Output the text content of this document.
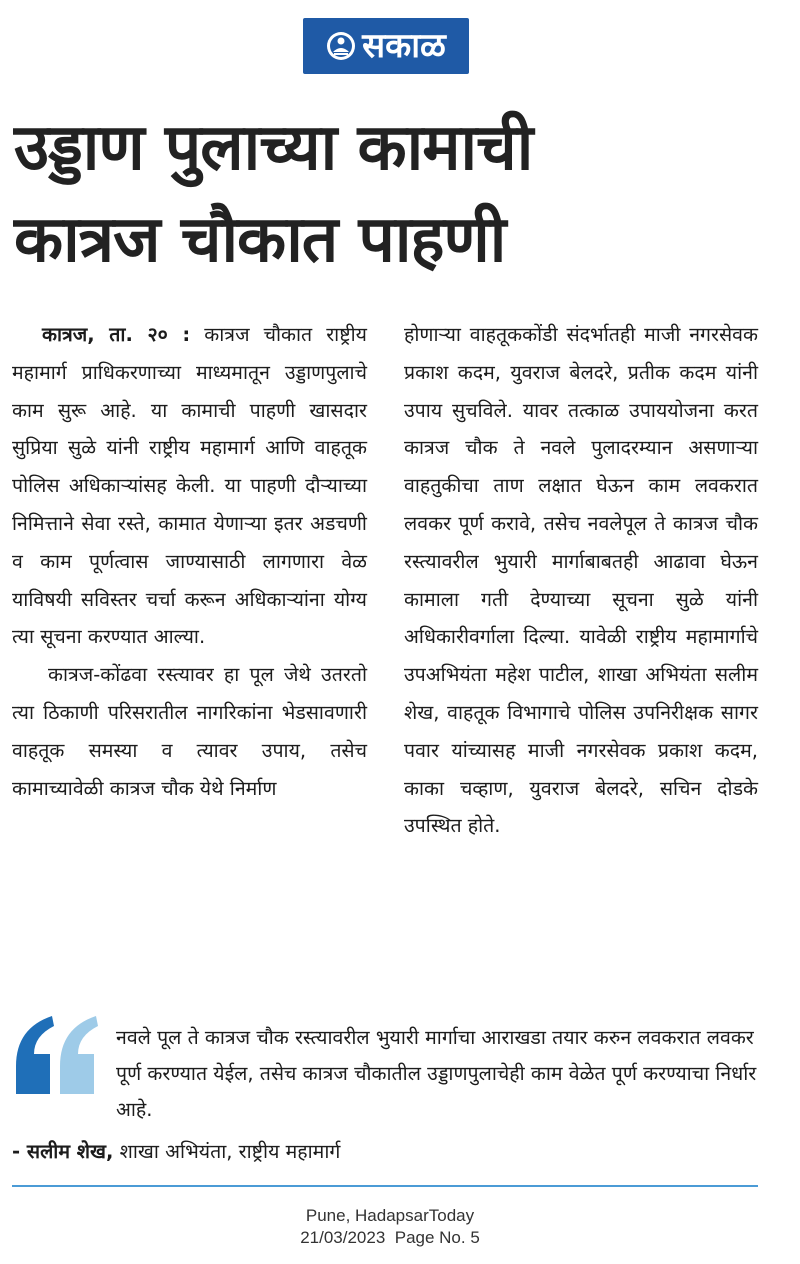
सकाळ
उड्डाण पुलाच्या कामाची
कात्रज चौकात पाहणी

कात्रज, ता. २० : कात्रज चौकात राष्ट्रीय महामार्ग प्राधिकरणाच्या माध्यमातून उड्डाणपुलाचे काम सुरू आहे. या कामाची पाहणी खासदार सुप्रिया सुळे यांनी राष्ट्रीय महामार्ग आणि वाहतूक पोलिस अधिकाऱ्यांसह केली. या पाहणी दौऱ्याच्या निमित्ताने सेवा रस्ते, कामात येणाऱ्या इतर अडचणी व काम पूर्णत्वास जाण्यासाठी लागणारा वेळ याविषयी सविस्तर चर्चा करून अधिकाऱ्यांना योग्य त्या सूचना करण्यात आल्या.

कात्रज-कोंढवा रस्त्यावर हा पूल जेथे उतरतो त्या ठिकाणी परिसरातील नागरिकांना भेडसावणारी वाहतूक समस्या व त्यावर उपाय, तसेच कामाच्यावेळी कात्रज चौक येथे निर्माण

होणाऱ्या वाहतूककोंडी संदर्भातही माजी नगरसेवक प्रकाश कदम, युवराज बेलदरे, प्रतीक कदम यांनी उपाय सुचविले. यावर तत्काळ उपाययोजना करत कात्रज चौक ते नवले पुलादरम्यान असणाऱ्या वाहतुकीचा ताण लक्षात घेऊन काम लवकरात लवकर पूर्ण करावे, तसेच नवलेपूल ते कात्रज चौक रस्त्यावरील भुयारी मार्गाबाबतही आढावा घेऊन कामाला गती देण्याच्या सूचना सुळे यांनी अधिकारीवर्गाला दिल्या. यावेळी राष्ट्रीय महामार्गाचे उपअभियंता महेश पाटील, शाखा अभियंता सलीम शेख, वाहतूक विभागाचे पोलिस उपनिरीक्षक सागर पवार यांच्यासह माजी नगरसेवक प्रकाश कदम, काका चव्हाण, युवराज बेलदरे, सचिन दोडके उपस्थित होते.

नवले पूल ते कात्रज चौक रस्त्यावरील भुयारी मार्गाचा आराखडा तयार करुन लवकरात लवकर पूर्ण करण्यात येईल, तसेच कात्रज चौकातील उड्डाणपुलाचेही काम वेळेत पूर्ण करण्याचा निर्धार आहे.

- सलीम शेख, शाखा अभियंता, राष्ट्रीय महामार्ग

Pune, HadapsarToday
21/03/2023  Page No. 5
